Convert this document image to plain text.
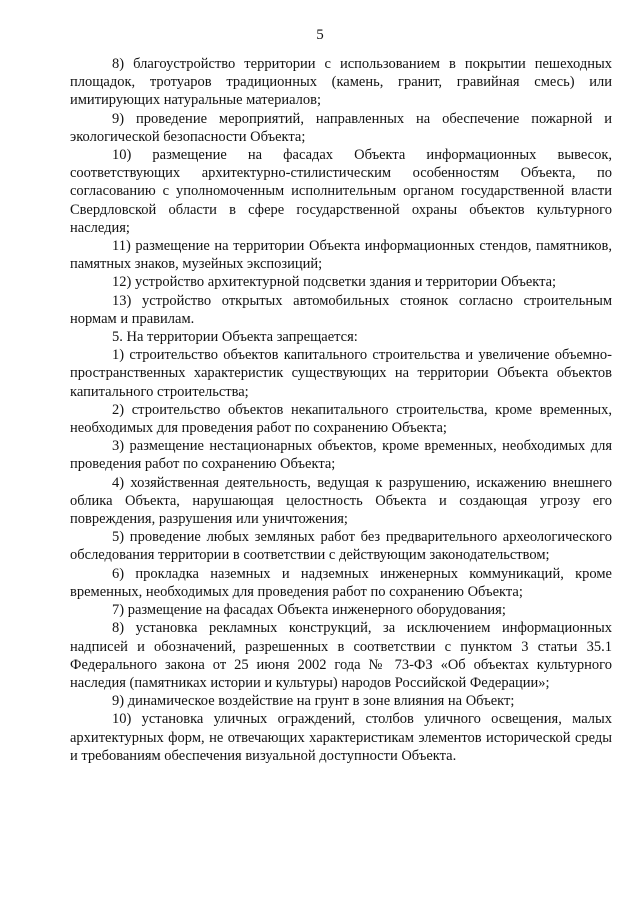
5

8) благоустройство территории с использованием в покрытии пешеходных площадок, тротуаров традиционных (камень, гранит, гравийная смесь) или имитирующих натуральные материалов;

9) проведение мероприятий, направленных на обеспечение пожарной и экологической безопасности Объекта;

10) размещение на фасадах Объекта информационных вывесок, соответствующих архитектурно-стилистическим особенностям Объекта, по согласованию с уполномоченным исполнительным органом государственной власти Свердловской области в сфере государственной охраны объектов культурного наследия;

11) размещение на территории Объекта информационных стендов, памятников, памятных знаков, музейных экспозиций;

12) устройство архитектурной подсветки здания и территории Объекта;

13) устройство открытых автомобильных стоянок согласно строительным нормам и правилам.

5. На территории Объекта запрещается:

1) строительство объектов капитального строительства и увеличение объемно-пространственных характеристик существующих на территории Объекта объектов капитального строительства;

2) строительство объектов некапитального строительства, кроме временных, необходимых для проведения работ по сохранению Объекта;

3) размещение нестационарных объектов, кроме временных, необходимых для проведения работ по сохранению Объекта;

4) хозяйственная деятельность, ведущая к разрушению, искажению внешнего облика Объекта, нарушающая целостность Объекта и создающая угрозу его повреждения, разрушения или уничтожения;

5) проведение любых земляных работ без предварительного археологического обследования территории в соответствии с действующим законодательством;

6) прокладка наземных и надземных инженерных коммуникаций, кроме временных, необходимых для проведения работ по сохранению Объекта;

7) размещение на фасадах Объекта инженерного оборудования;

8) установка рекламных конструкций, за исключением информационных надписей и обозначений, разрешенных в соответствии с пунктом 3 статьи 35.1 Федерального закона от 25 июня 2002 года № 73-ФЗ «Об объектах культурного наследия (памятниках истории и культуры) народов Российской Федерации»;

9) динамическое воздействие на грунт в зоне влияния на Объект;

10) установка уличных ограждений, столбов уличного освещения, малых архитектурных форм, не отвечающих характеристикам элементов исторической среды и требованиям обеспечения визуальной доступности Объекта.
